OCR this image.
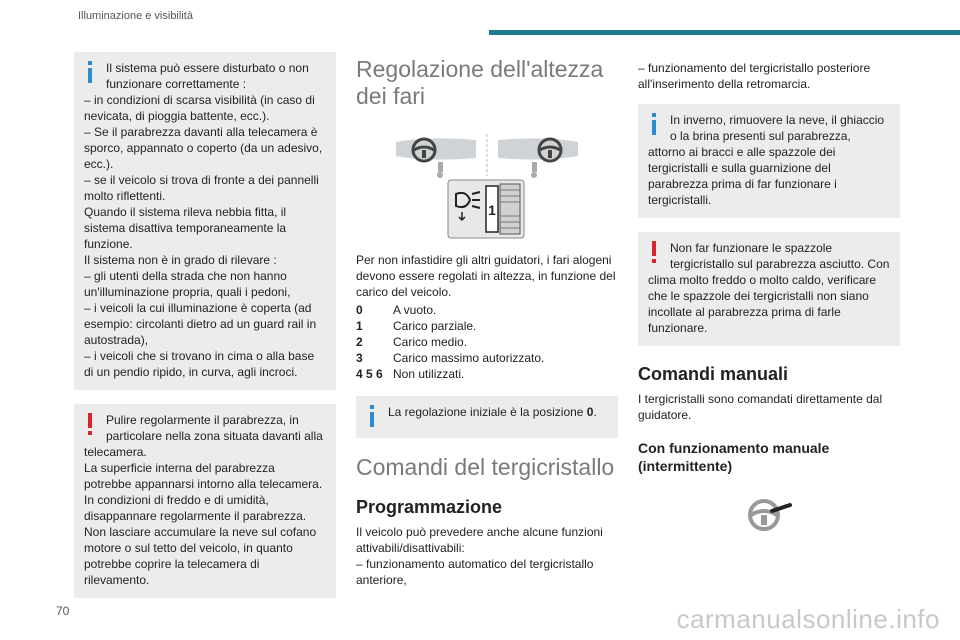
Illuminazione e visibilità
Il sistema può essere disturbato o non
funzionare correttamente :
– in condizioni di scarsa visibilità (in caso di
nevicata, di pioggia battente, ecc.).
– Se il parabrezza davanti alla telecamera è
sporco, appannato o coperto (da un adesivo,
ecc.).
– se il veicolo si trova di fronte a dei pannelli
molto riflettenti.
Quando il sistema rileva nebbia fitta, il
sistema disattiva temporaneamente la
funzione.
Il sistema non è in grado di rilevare :
– gli utenti della strada che non hanno
un'illuminazione propria, quali i pedoni,
– i veicoli la cui illuminazione è coperta (ad
esempio: circolanti dietro ad un guard rail in
autostrada),
– i veicoli che si trovano in cima o alla base
di un pendio ripido, in curva, agli incroci.
Pulire regolarmente il parabrezza, in
particolare nella zona situata davanti alla
telecamera.
La superficie interna del parabrezza
potrebbe appannarsi intorno alla telecamera.
In condizioni di freddo e di umidità,
disappannare regolarmente il parabrezza.
Non lasciare accumulare la neve sul cofano
motore o sul tetto del veicolo, in quanto
potrebbe coprire la telecamera di rilevamento.
Regolazione dell'altezza dei fari
1
Per non infastidire gli altri guidatori, i fari alogeni devono essere regolati in altezza, in funzione del carico del veicolo.
0	A vuoto.
1	Carico parziale.
2	Carico medio.
3	Carico massimo autorizzato.
4 5 6 Non utilizzati.
La regolazione iniziale è la posizione 0.
Comandi del tergicristallo
Programmazione
Il veicolo può prevedere anche alcune funzioni attivabili/disattivabili:
– funzionamento automatico del tergicristallo anteriore,
– funzionamento del tergicristallo posteriore all'inserimento della retromarcia.
In inverno, rimuovere la neve, il ghiaccio
o la brina presenti sul parabrezza,
attorno ai bracci e alle spazzole dei
tergicristalli e sulla guarnizione del
parabrezza prima di far funzionare i
tergicristalli.
Non far funzionare le spazzole
tergicristallo sul parabrezza asciutto. Con
clima molto freddo o molto caldo, verificare
che le spazzole dei tergicristalli non siano
incollate al parabrezza prima di farle
funzionare.
Comandi manuali
I tergicristalli sono comandati direttamente dal guidatore.
Con funzionamento manuale (intermittente)
70	carmanualsonline.info
